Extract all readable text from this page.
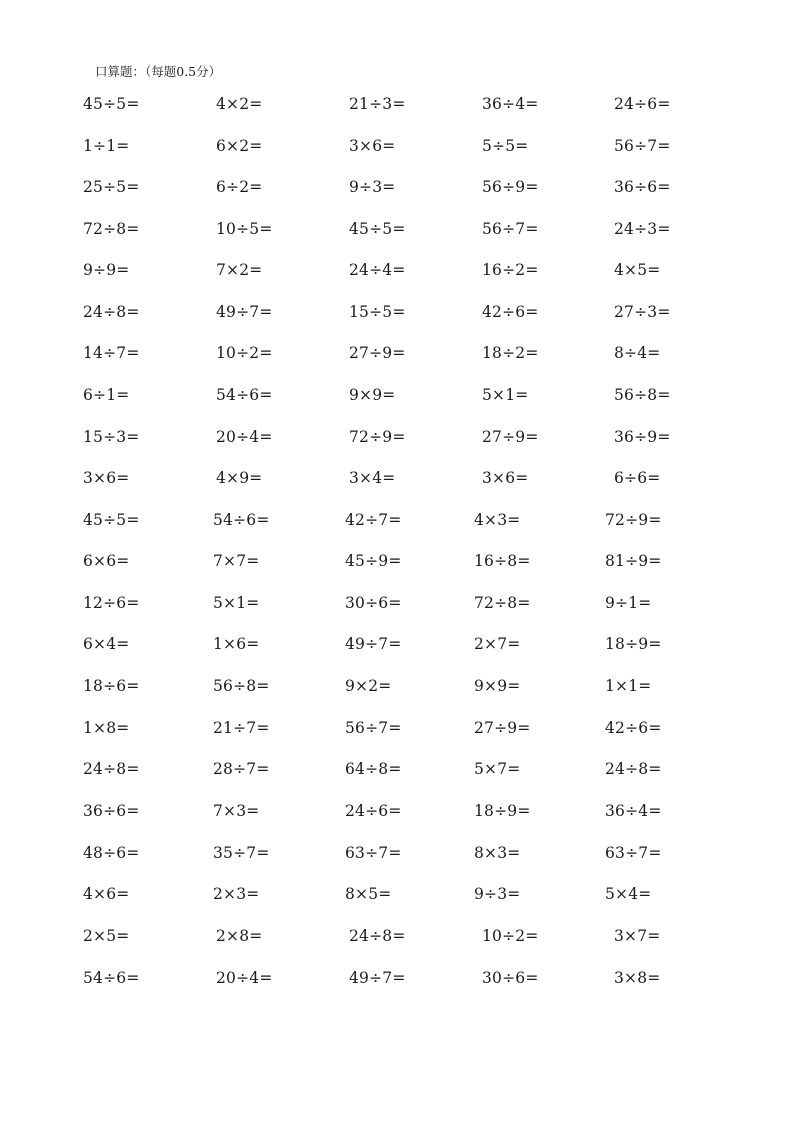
口算题：（每题0.5分）
45÷5=	4×2=	21÷3=	36÷4=	24÷6=
1÷1=	6×2=	3×6=	5÷5=	56÷7=
25÷5=	6÷2=	9÷3=	56÷9=	36÷6=
72÷8=	10÷5=	45÷5=	56÷7=	24÷3=
9÷9=	7×2=	24÷4=	16÷2=	4×5=
24÷8=	49÷7=	15÷5=	42÷6=	27÷3=
14÷7=	10÷2=	27÷9=	18÷2=	8÷4=
6÷1=	54÷6=	9×9=	5×1=	56÷8=
15÷3=	20÷4=	72÷9=	27÷9=	36÷9=
3×6=	4×9=	3×4=	3×6=	6÷6=
45÷5=	54÷6=	42÷7=	4×3=	72÷9=
6×6=	7×7=	45÷9=	16÷8=	81÷9=
12÷6=	5×1=	30÷6=	72÷8=	9÷1=
6×4=	1×6=	49÷7=	2×7=	18÷9=
18÷6=	56÷8=	9×2=	9×9=	1×1=
1×8=	21÷7=	56÷7=	27÷9=	42÷6=
24÷8=	28÷7=	64÷8=	5×7=	24÷8=
36÷6=	7×3=	24÷6=	18÷9=	36÷4=
48÷6=	35÷7=	63÷7=	8×3=	63÷7=
4×6=	2×3=	8×5=	9÷3=	5×4=
2×5=	2×8=	24÷8=	10÷2=	3×7=
54÷6=	20÷4=	49÷7=	30÷6=	3×8=
